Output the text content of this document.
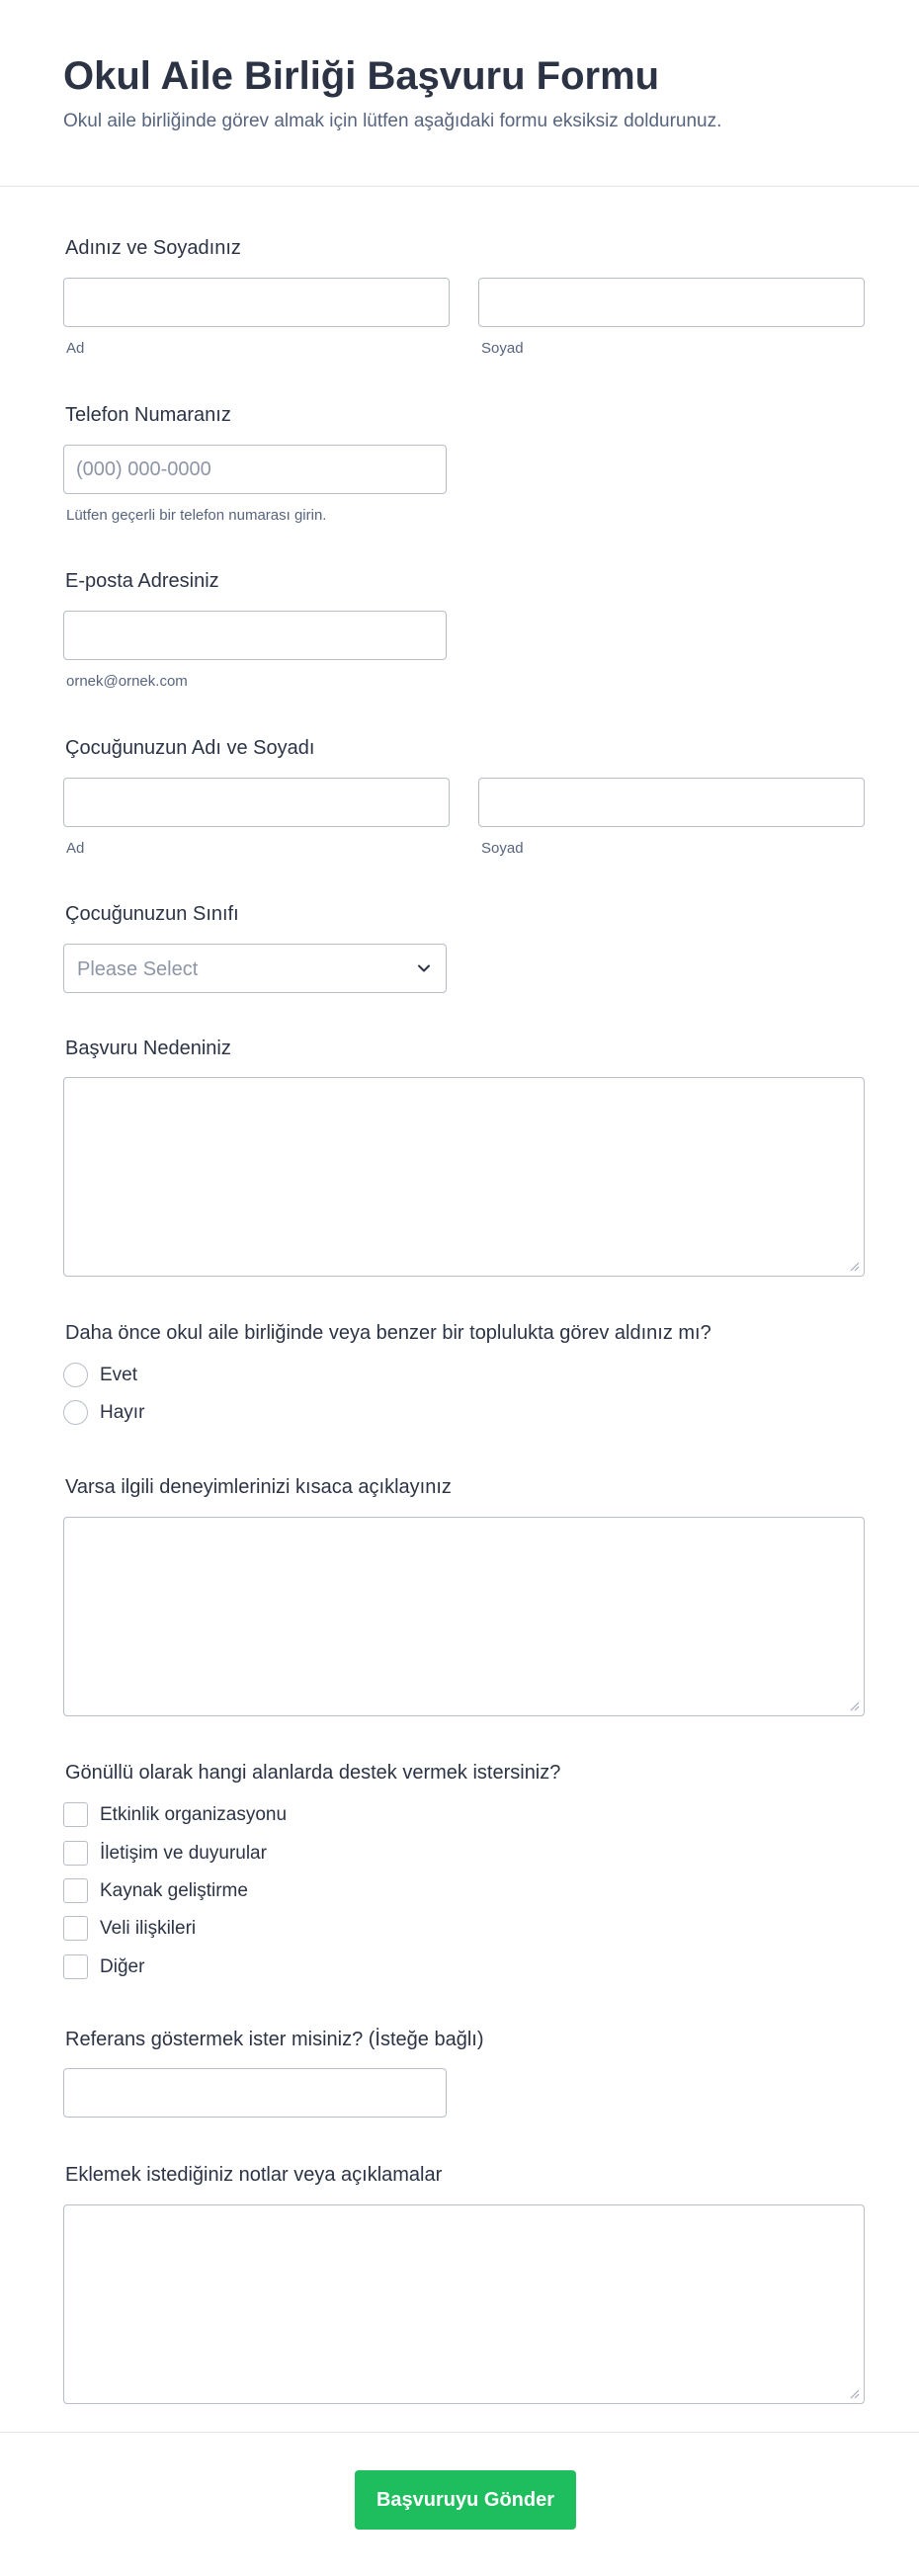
Okul Aile Birliği Başvuru Formu

Okul aile birliğinde görev almak için lütfen aşağıdaki formu eksiksiz doldurunuz.

Adınız ve Soyadınız
Ad	Soyad
Telefon Numaranız
(000) 000-0000
Lütfen geçerli bir telefon numarası girin.
E-posta Adresiniz
ornek@ornek.com
Çocuğunuzun Adı ve Soyadı
Ad	Soyad
Çocuğunuzun Sınıfı
Please Select
Başvuru Nedeniniz
Daha önce okul aile birliğinde veya benzer bir toplulukta görev aldınız mı?
Evet
Hayır
Varsa ilgili deneyimlerinizi kısaca açıklayınız
Gönüllü olarak hangi alanlarda destek vermek istersiniz?
Etkinlik organizasyonu
İletişim ve duyurular
Kaynak geliştirme
Veli ilişkileri
Diğer
Referans göstermek ister misiniz? (İsteğe bağlı)
Eklemek istediğiniz notlar veya açıklamalar
Başvuruyu Gönder
